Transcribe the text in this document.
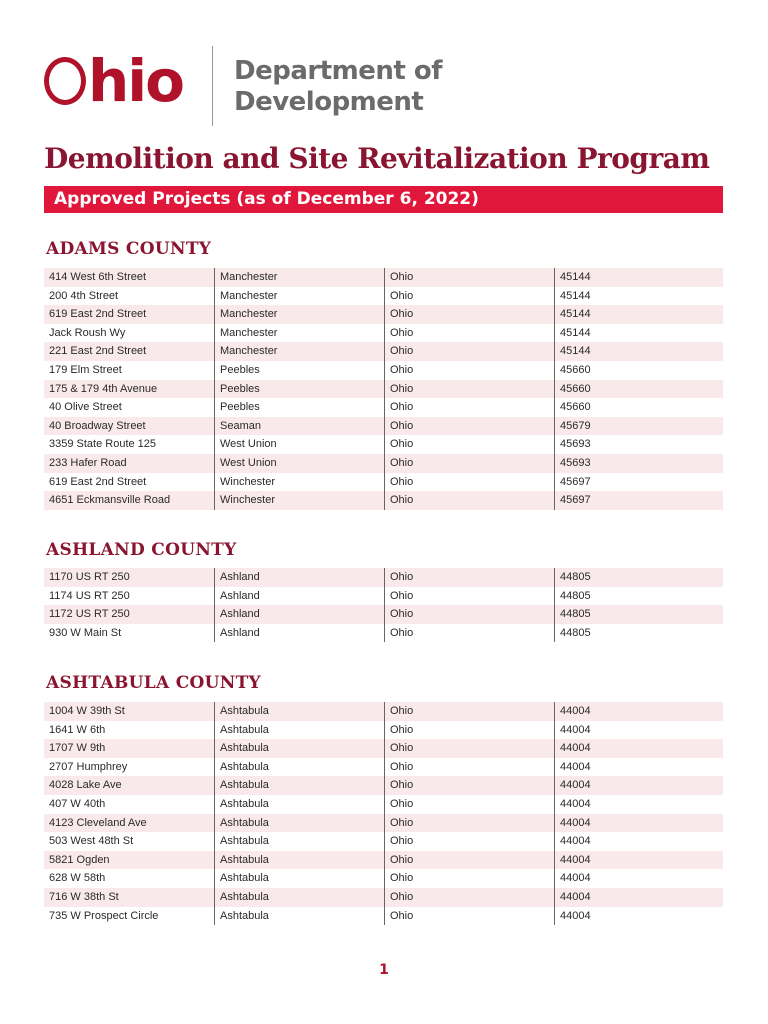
hio Department of
Development
Demolition and Site Revitalization Program
Approved Projects (as of December 6, 2022)
ADAMS COUNTY
414 West 6th Street	Manchester	Ohio	45144
200 4th Street	Manchester	Ohio	45144
619 East 2nd Street	Manchester	Ohio	45144
Jack Roush Wy	Manchester	Ohio	45144
221 East 2nd Street	Manchester	Ohio	45144
179 Elm Street	Peebles	Ohio	45660
175 & 179 4th Avenue	Peebles	Ohio	45660
40 Olive Street	Peebles	Ohio	45660
40 Broadway Street	Seaman	Ohio	45679
3359 State Route 125	West Union	Ohio	45693
233 Hafer Road	West Union	Ohio	45693
619 East 2nd Street	Winchester	Ohio	45697
4651 Eckmansville Road	Winchester	Ohio	45697
ASHLAND COUNTY
1170 US RT 250	Ashland	Ohio	44805
1174 US RT 250	Ashland	Ohio	44805
1172 US RT 250	Ashland	Ohio	44805
930 W Main St	Ashland	Ohio	44805
ASHTABULA COUNTY
1004 W 39th St	Ashtabula	Ohio	44004
1641 W 6th	Ashtabula	Ohio	44004
1707 W 9th	Ashtabula	Ohio	44004
2707 Humphrey	Ashtabula	Ohio	44004
4028 Lake Ave	Ashtabula	Ohio	44004
407 W 40th	Ashtabula	Ohio	44004
4123 Cleveland Ave	Ashtabula	Ohio	44004
503 West 48th St	Ashtabula	Ohio	44004
5821 Ogden	Ashtabula	Ohio	44004
628 W 58th	Ashtabula	Ohio	44004
716 W 38th St	Ashtabula	Ohio	44004
735 W Prospect Circle	Ashtabula	Ohio	44004
1
